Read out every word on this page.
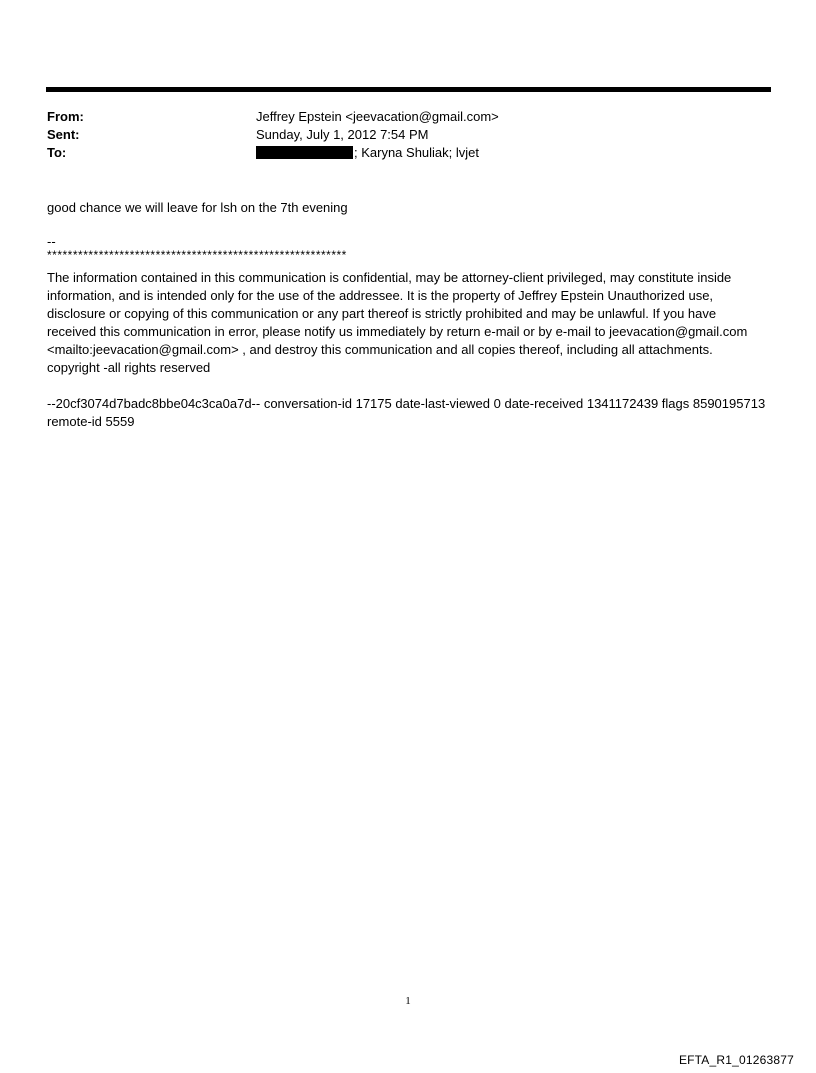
From:	Jeffrey Epstein <jeevacation@gmail.com>
Sent:	Sunday, July 1, 2012 7:54 PM
To:	; Karyna Shuliak; lvjet
good chance we will leave for lsh on the 7th evening
--
**********************************************************
The information contained in this communication is confidential, may be attorney-client privileged, may constitute inside information, and is intended only for the use of the addressee. It is the property of Jeffrey Epstein Unauthorized use, disclosure or copying of this communication or any part thereof is strictly prohibited and may be unlawful. If you have received this communication in error, please notify us immediately by return e-mail or by e-mail to jeevacation@gmail.com <mailto:jeevacation@gmail.com> , and destroy this communication and all copies thereof, including all attachments. copyright -all rights reserved
--20cf3074d7badc8bbe04c3ca0a7d-- conversation-id 17175 date-last-viewed 0 date-received 1341172439 flags 8590195713 remote-id 5559
1
EFTA_R1_01263877
